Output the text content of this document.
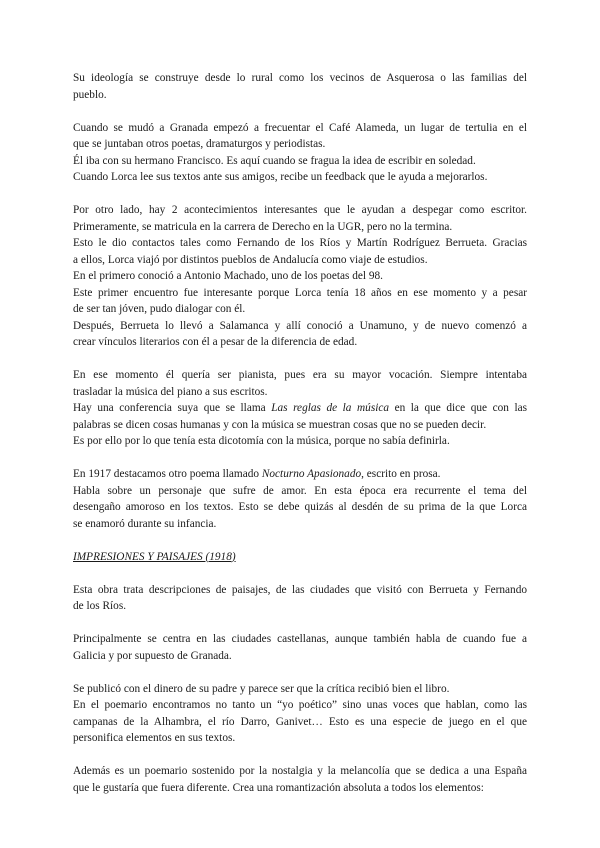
Su ideología se construye desde lo rural como los vecinos de Asquerosa o las familias del
pueblo.
Cuando se mudó a Granada empezó a frecuentar el Café Alameda, un lugar de tertulia en el
que se juntaban otros poetas, dramaturgos y periodistas.
Él iba con su hermano Francisco. Es aquí cuando se fragua la idea de escribir en soledad.
Cuando Lorca lee sus textos ante sus amigos, recibe un feedback que le ayuda a mejorarlos.
Por otro lado, hay 2 acontecimientos interesantes que le ayudan a despegar como escritor.
Primeramente, se matricula en la carrera de Derecho en la UGR, pero no la termina.
Esto le dio contactos tales como Fernando de los Ríos y Martín Rodríguez Berrueta. Gracias
a ellos, Lorca viajó por distintos pueblos de Andalucía como viaje de estudios.
En el primero conoció a Antonio Machado, uno de los poetas del 98.
Este primer encuentro fue interesante porque Lorca tenía 18 años en ese momento y a pesar
de ser tan jóven, pudo dialogar con él.
Después, Berrueta lo llevó a Salamanca y allí conoció a Unamuno, y de nuevo comenzó a
crear vínculos literarios con él a pesar de la diferencia de edad.
En ese momento él quería ser pianista, pues era su mayor vocación. Siempre intentaba
trasladar la música del piano a sus escritos.
Hay una conferencia suya que se llama Las reglas de la música en la que dice que con las
palabras se dicen cosas humanas y con la música se muestran cosas que no se pueden decir.
Es por ello por lo que tenía esta dicotomía con la música, porque no sabía definirla.
En 1917 destacamos otro poema llamado Nocturno Apasionado, escrito en prosa.
Habla sobre un personaje que sufre de amor. En esta época era recurrente el tema del
desengaño amoroso en los textos. Esto se debe quizás al desdén de su prima de la que Lorca
se enamoró durante su infancia.
IMPRESIONES Y PAISAJES (1918)
Esta obra trata descripciones de paisajes, de las ciudades que visitó con Berrueta y Fernando
de los Ríos.
Principalmente se centra en las ciudades castellanas, aunque también habla de cuando fue a
Galicia y por supuesto de Granada.
Se publicó con el dinero de su padre y parece ser que la crítica recibió bien el libro.
En el poemario encontramos no tanto un “yo poético” sino unas voces que hablan, como las
campanas de la Alhambra, el río Darro, Ganivet… Esto es una especie de juego en el que
personifica elementos en sus textos.
Además es un poemario sostenido por la nostalgia y la melancolía que se dedica a una España
que le gustaría que fuera diferente. Crea una romantización absoluta a todos los elementos:
